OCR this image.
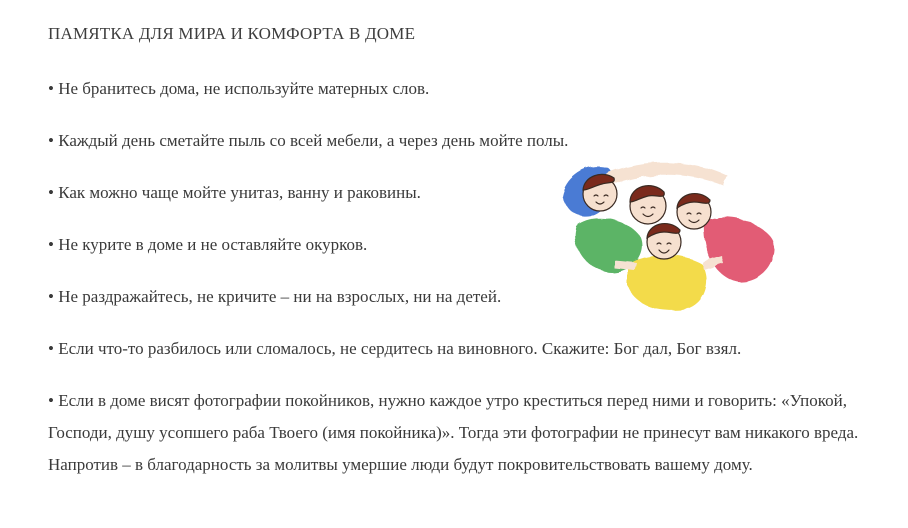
ПАМЯТКА ДЛЯ МИРА И КОМФОРТА В ДОМЕ
• Не бранитесь дома, не используйте матерных слов.
• Каждый день сметайте пыль со всей мебели, а через день мойте полы.
• Как можно чаще мойте унитаз, ванну и раковины.
• Не курите в доме и не оставляйте окурков.
• Не раздражайтесь, не кричите – ни на взрослых, ни на детей.
• Если что-то разбилось или сломалось, не сердитесь на виновного. Скажите: Бог дал, Бог взял.
• Если в доме висят фотографии покойников, нужно каждое утро креститься перед ними и говорить: «Упокой, Господи, душу усопшего раба Твоего (имя покойника)». Тогда эти фотографии не принесут вам никакого вреда. Напротив – в благодарность за молитвы умершие люди будут покровительствовать вашему дому.
